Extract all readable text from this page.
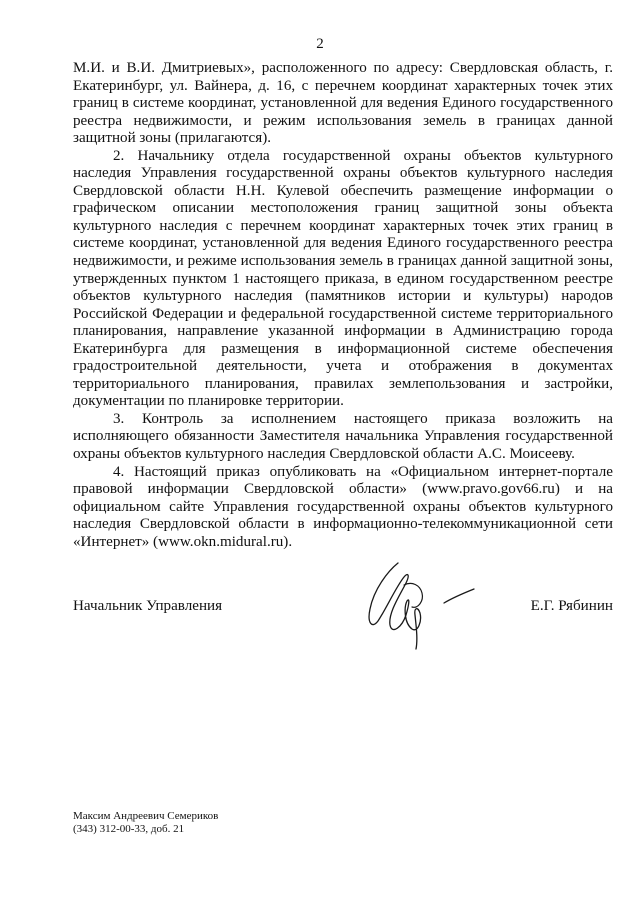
2

М.И. и В.И. Дмитриевых», расположенного по адресу: Свердловская область, г. Екатеринбург, ул. Вайнера, д. 16, с перечнем координат характерных точек этих границ в системе координат, установленной для ведения Единого государственного реестра недвижимости, и режим использования земель в границах данной защитной зоны (прилагаются).

2. Начальнику отдела государственной охраны объектов культурного наследия Управления государственной охраны объектов культурного наследия Свердловской области Н.Н. Кулевой обеспечить размещение информации о графическом описании местоположения границ защитной зоны объекта культурного наследия с перечнем координат характерных точек этих границ в системе координат, установленной для ведения Единого государственного реестра недвижимости, и режиме использования земель в границах данной защитной зоны, утвержденных пунктом 1 настоящего приказа, в едином государственном реестре объектов культурного наследия (памятников истории и культуры) народов Российской Федерации и федеральной государственной системе территориального планирования, направление указанной информации в Администрацию города Екатеринбурга для размещения в информационной системе обеспечения градостроительной деятельности, учета и отображения в документах территориального планирования, правилах землепользования и застройки, документации по планировке территории.

3. Контроль за исполнением настоящего приказа возложить на исполняющего обязанности Заместителя начальника Управления государственной охраны объектов культурного наследия Свердловской области А.С. Моисееву.

4. Настоящий приказ опубликовать на «Официальном интернет-портале правовой информации Свердловской области» (www.pravo.gov66.ru) и на официальном сайте Управления государственной охраны объектов культурного наследия Свердловской области в информационно-телекоммуникационной сети «Интернет» (www.okn.midural.ru).

Начальник Управления	Е.Г. Рябинин
Максим Андреевич Семериков
(343) 312-00-33, доб. 21
